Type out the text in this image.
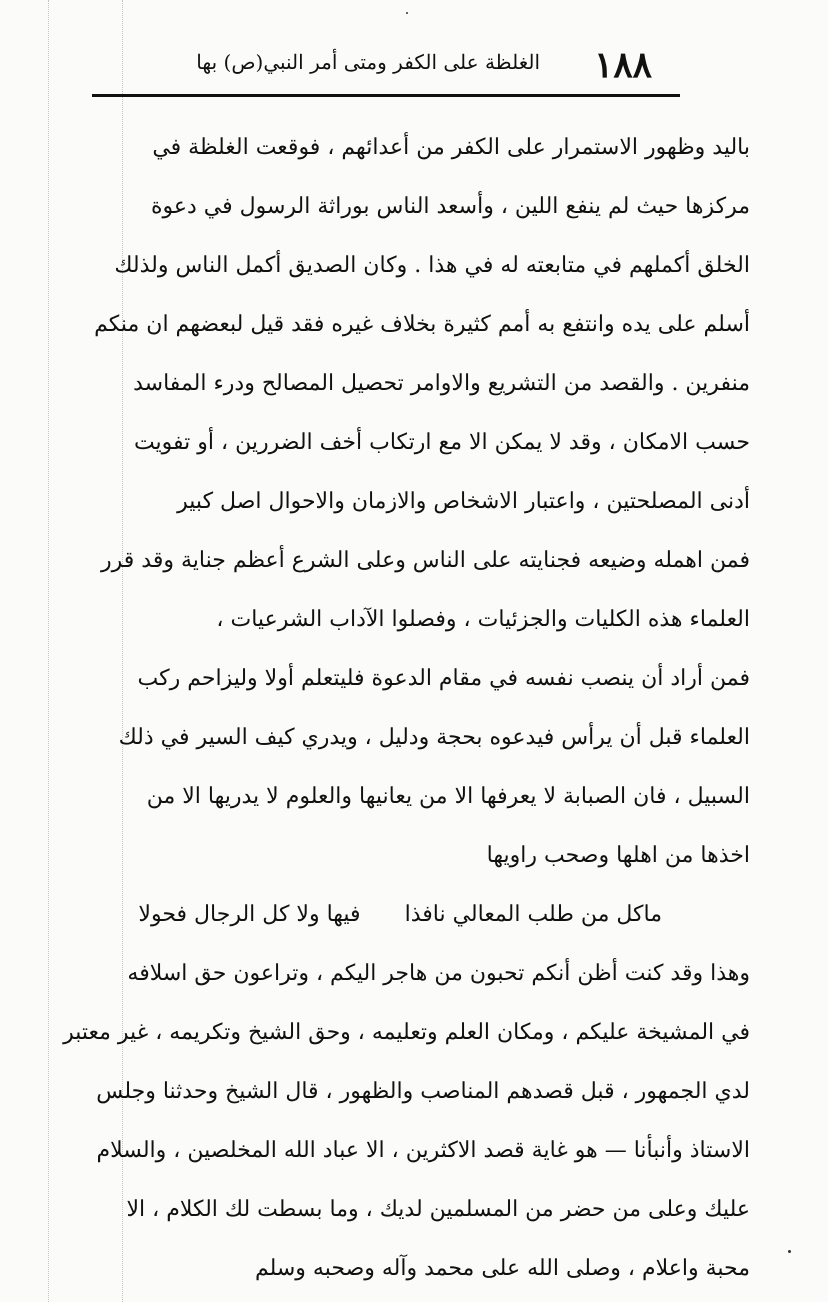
١٨٨
الغلظة على الكفر ومتى أمر النبي(ص) بها
باليد وظهور الاستمرار على الكفر من أعدائهم ، فوقعت الغلظة في
مركزها حيث لم ينفع اللين ، وأسعد الناس بوراثة الرسول في دعوة
الخلق أكملهم في متابعته له في هذا . وكان الصديق أكمل الناس ولذلك
أسلم على يده وانتفع به أمم كثيرة بخلاف غيره فقد قيل لبعضهم ان منكم
منفرين . والقصد من التشريع والاوامر تحصيل المصالح ودرء المفاسد
حسب الامكان ، وقد لا يمكن الا مع ارتكاب أخف الضررين ، أو تفويت
أدنى المصلحتين ، واعتبار الاشخاص والازمان والاحوال اصل كبير
فمن اهمله وضيعه فجنايته على الناس وعلى الشرع أعظم جناية وقد قرر
العلماء هذه الكليات والجزئيات ، وفصلوا الآداب الشرعيات ،
فمن أراد أن ينصب نفسه في مقام الدعوة فليتعلم أولا وليزاحم ركب
العلماء قبل أن يرأس فيدعوه بحجة ودليل ، ويدري كيف السير في ذلك
السبيل ، فان الصبابة لا يعرفها الا من يعانيها والعلوم لا يدريها الا من
اخذها من اهلها وصحب راويها
ماكل من طلب المعالي نافذا
فيها ولا كل الرجال فحولا
وهذا وقد كنت أظن أنكم تحبون من هاجر اليكم ، وتراعون حق اسلافه
في المشيخة عليكم ، ومكان العلم وتعليمه ، وحق الشيخ وتكريمه ، غير معتبر
لدي الجمهور ، قبل قصدهم المناصب والظهور ، قال الشيخ وحدثنا وجلس
الاستاذ وأنبأنا — هو غاية قصد الاكثرين ، الا عباد الله المخلصين ، والسلام
عليك وعلى من حضر من المسلمين لديك ، وما بسطت لك الكلام ، الا
محبة واعلام ، وصلى الله على محمد وآله وصحبه وسلم
